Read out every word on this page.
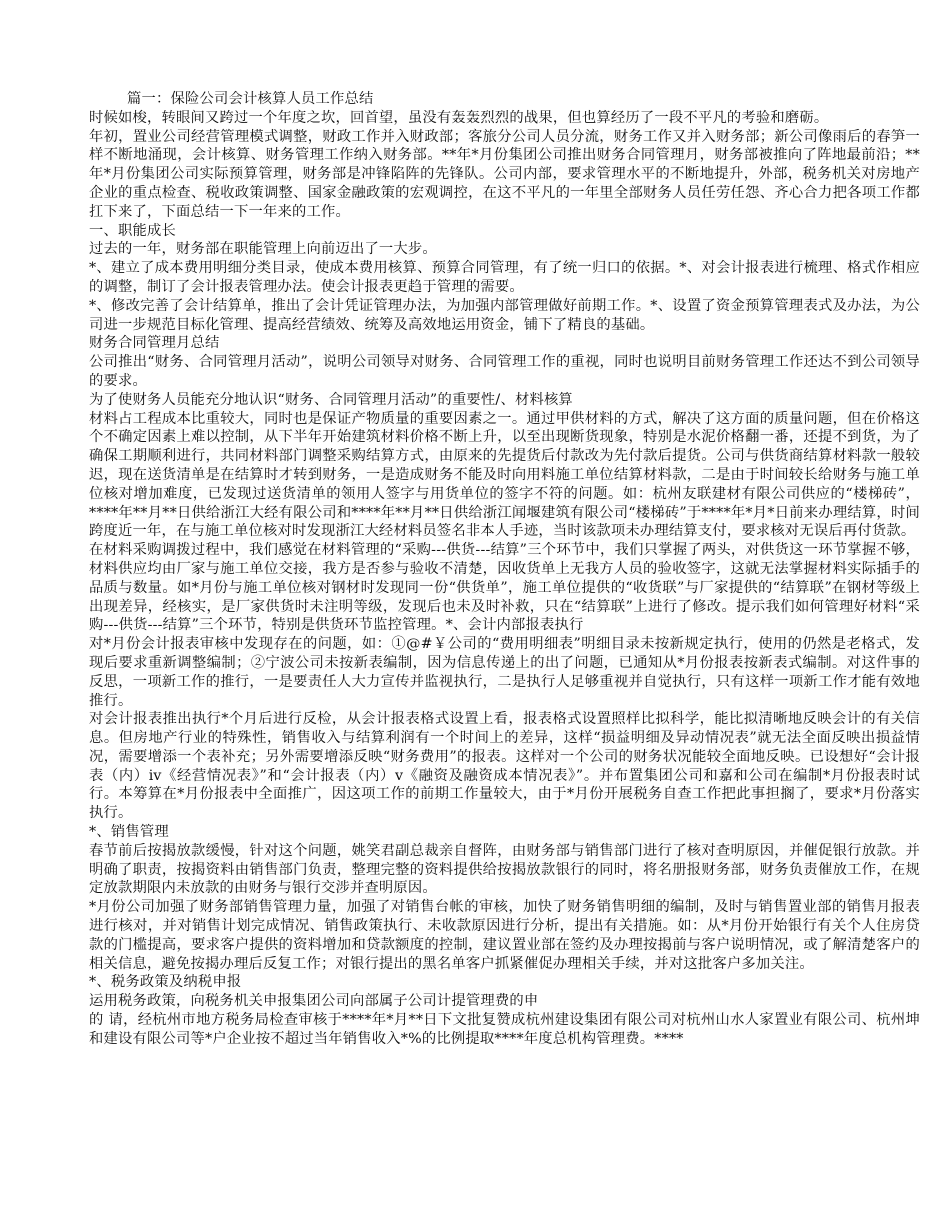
篇一：保险公司会计核算人员工作总结

时候如梭，转眼间又跨过一个年度之坎，回首望，虽没有轰轰烈烈的战果，但也算经历了一段不平凡的考验和磨砺。

年初，置业公司经营管理模式调整，财政工作并入财政部；客旅分公司人员分流，财务工作又并入财务部；新公司像雨后的春笋一样不断地涌现，会计核算、财务管理工作纳入财务部。**年*月份集团公司推出财务合同管理月，财务部被推向了阵地最前沿；**年*月份集团公司实际预算管理，财务部是冲锋陷阵的先锋队。公司内部，要求管理水平的不断地提升，外部，税务机关对房地产企业的重点检查、税收政策调整、国家金融政策的宏观调控，在这不平凡的一年里全部财务人员任劳任怨、齐心合力把各项工作都扛下来了，下面总结一下一年来的工作。

一、职能成长

过去的一年，财务部在职能管理上向前迈出了一大步。

*、建立了成本费用明细分类目录，使成本费用核算、预算合同管理，有了统一归口的依据。*、对会计报表进行梳理、格式作相应的调整，制订了会计报表管理办法。使会计报表更趋于管理的需要。

*、修改完善了会计结算单，推出了会计凭证管理办法，为加强内部管理做好前期工作。*、设置了资金预算管理表式及办法，为公司进一步规范目标化管理、提高经营绩效、统筹及高效地运用资金，铺下了精良的基础。

财务合同管理月总结

公司推出“财务、合同管理月活动”，说明公司领导对财务、合同管理工作的重视，同时也说明目前财务管理工作还达不到公司领导的要求。

为了使财务人员能充分地认识“财务、合同管理月活动”的重要性/、材料核算

材料占工程成本比重较大，同时也是保证产物质量的重要因素之一。通过甲供材料的方式，解决了这方面的质量问题，但在价格这个不确定因素上难以控制，从下半年开始建筑材料价格不断上升，以至出现断货现象，特别是水泥价格翻一番，还提不到货，为了确保工期顺利进行，共同材料部门调整采购结算方式，由原来的先提货后付款改为先付款后提货。公司与供货商结算材料款一般较迟，现在送货清单是在结算时才转到财务，一是造成财务不能及时向用料施工单位结算材料款，二是由于时间较长给财务与施工单位核对增加难度，已发现过送货清单的领用人签字与用货单位的签字不符的问题。如：杭州友联建材有限公司供应的“楼梯砖”，****年**月**日供给浙江大经有限公司和****年**月**日供给浙江闻堰建筑有限公司“楼梯砖”于****年*月*日前来办理结算，时间跨度近一年，在与施工单位核对时发现浙江大经材料员签名非本人手迹，当时该款项未办理结算支付，要求核对无误后再付货款。

在材料采购调拨过程中，我们感觉在材料管理的“采购---供货---结算”三个环节中，我们只掌握了两头，对供货这一环节掌握不够，材料供应均由厂家与施工单位交接，我方是否参与验收不清楚，因收货单上无我方人员的验收签字，这就无法掌握材料实际插手的品质与数量。如*月份与施工单位核对钢材时发现同一份“供货单”，施工单位提供的“收货联”与厂家提供的“结算联”在钢材等级上出现差异，经核实，是厂家供货时未注明等级，发现后也未及时补救，只在“结算联”上进行了修改。提示我们如何管理好材料“采购---供货---结算”三个环节，特别是供货环节监控管理。*、会计内部报表执行

对*月份会计报表审核中发现存在的问题，如：①@#￥公司的“费用明细表”明细目录未按新规定执行，使用的仍然是老格式，发现后要求重新调整编制；②宁波公司未按新表编制，因为信息传递上的出了问题，已通知从*月份报表按新表式编制。对这件事的反思，一项新工作的推行，一是要责任人大力宣传并监视执行，二是执行人足够重视并自觉执行，只有这样一项新工作才能有效地推行。

对会计报表推出执行*个月后进行反检，从会计报表格式设置上看，报表格式设置照样比拟科学，能比拟清晰地反映会计的有关信息。但房地产行业的特殊性，销售收入与结算利润有一个时间上的差异，这样“损益明细及异动情况表”就无法全面反映出损益情况，需要增添一个表补充；另外需要增添反映“财务费用”的报表。这样对一个公司的财务状况能较全面地反映。已设想好“会计报表（内）ⅳ《经营情况表》”和“会计报表（内）ⅴ《融资及融资成本情况表》”。并布置集团公司和嘉和公司在编制*月份报表时试行。本筹算在*月份报表中全面推广，因这项工作的前期工作量较大，由于*月份开展税务自查工作把此事担搁了，要求*月份落实执行。

*、销售管理

春节前后按揭放款缓慢，针对这个问题，姚笑君副总裁亲自督阵，由财务部与销售部门进行了核对查明原因，并催促银行放款。并明确了职责，按揭资料由销售部门负责，整理完整的资料提供给按揭放款银行的同时，将名册报财务部，财务负责催放工作，在规定放款期限内未放款的由财务与银行交涉并查明原因。

*月份公司加强了财务部销售管理力量，加强了对销售台帐的审核，加快了财务销售明细的编制，及时与销售置业部的销售月报表进行核对，并对销售计划完成情况、销售政策执行、未收款原因进行分析，提出有关措施。如：从*月份开始银行有关个人住房贷款的门槛提高，要求客户提供的资料增加和贷款额度的控制，建议置业部在签约及办理按揭前与客户说明情况，或了解清楚客户的相关信息，避免按揭办理后反复工作；对银行提出的黑名单客户抓紧催促办理相关手续，并对这批客户多加关注。

*、税务政策及纳税申报

运用税务政策，向税务机关申报集团公司向部属子公司计提管理费的申

的 请，经杭州市地方税务局检查审核于****年*月**日下文批复赞成杭州建设集团有限公司对杭州山水人家置业有限公司、杭州坤和建设有限公司等*户企业按不超过当年销售收入*%的比例提取****年度总机构管理费。****
